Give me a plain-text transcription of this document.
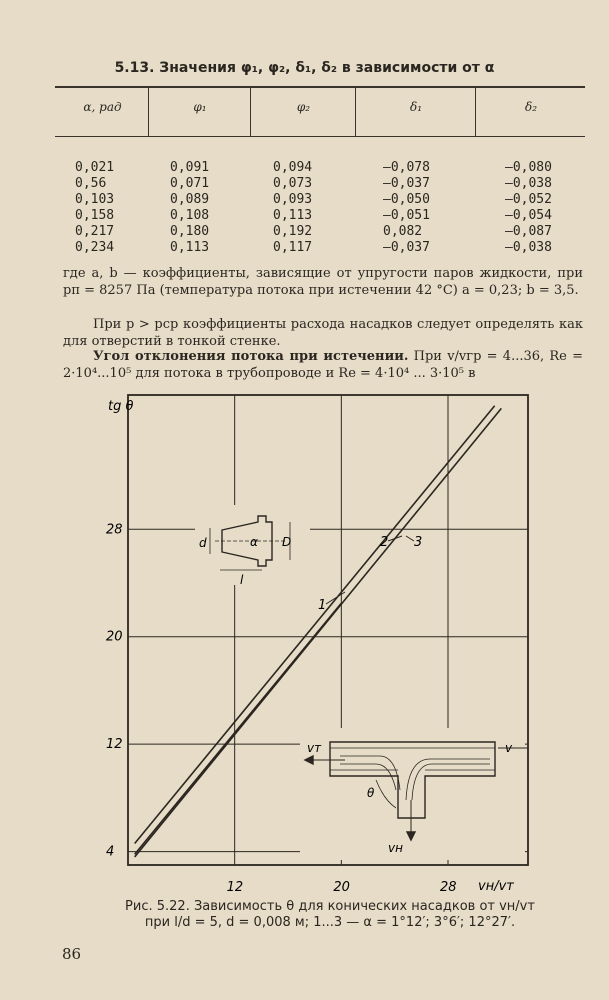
5.13. Значения φ₁, φ₂, δ₁, δ₂ в зависимости от α
α, рад	φ₁	φ₂	δ₁	δ₂
0,021	0,091	0,094	—0,078	—0,080
0,56	0,071	0,073	—0,037	—0,038
0,103	0,089	0,093	—0,050	—0,052
0,158	0,108	0,113	—0,051	—0,054
0,217	0,180	0,192	0,082	—0,087
0,234	0,113	0,117	—0,037	—0,038
где a, b — коэффициенты, зависящие от упругости паров жидкости, при pп = 8257 Па (температура потока при истечении 42 °C) a = 0,23; b = 3,5.
При p > pср коэффициенты расхода насадков следует определять как для отверстий в тонкой стенке.
Угол отклонения потока при истечении. При v/vгр = 4...36, Re = 2·10⁴...10⁵ для потока в трубопроводе и Re = 4·10⁴ ... 3·10⁵ в
12	20	28
4
12
20
28
tg θ
vн/vт
1
2 3
d	α D
l
v
vт
vн
θ
Рис. 5.22. Зависимость θ для конических насадков от vн/vт
при l/d = 5, d = 0,008 м; 1...3 — α = 1°12′; 3°6′; 12°27′.
86
